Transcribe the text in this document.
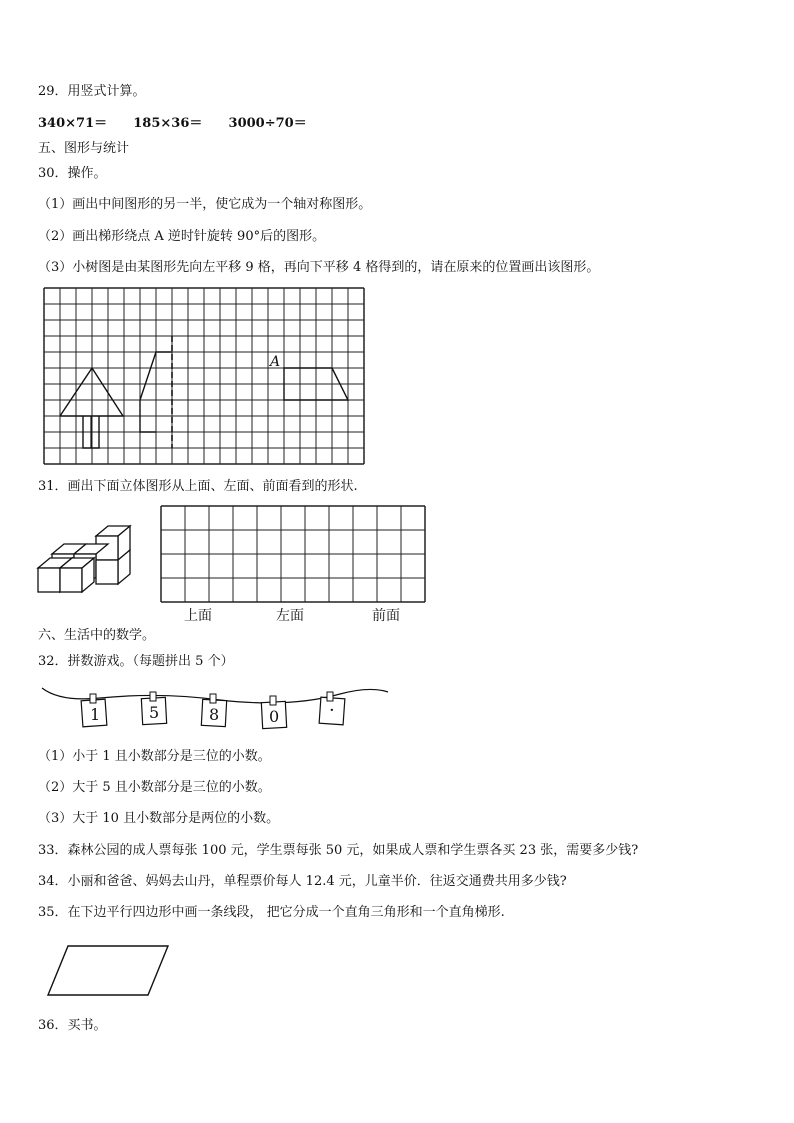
29．用竖式计算。
340×71＝ 185×36＝ 3000÷70＝
五、图形与统计
30．操作。
（1）画出中间图形的另一半，使它成为一个轴对称图形。
（2）画出梯形绕点 A 逆时针旋转 90°后的图形。
（3）小树图是由某图形先向左平移 9 格，再向下平移 4 格得到的，请在原来的位置画出该图形。
A
31．画出下面立体图形从上面、左面、前面看到的形状.
上面	左面	前面
六、生活中的数学。
32．拼数游戏。（每题拼出 5 个）
1	5	8	0	·
（1）小于 1 且小数部分是三位的小数。
（2）大于 5 且小数部分是三位的小数。
（3）大于 10 且小数部分是两位的小数。
33．森林公园的成人票每张 100 元，学生票每张 50 元，如果成人票和学生票各买 23 张，需要多少钱?
34．小丽和爸爸、妈妈去山丹，单程票价每人 12.4 元，儿童半价．往返交通费共用多少钱?
35．在下边平行四边形中画一条线段， 把它分成一个直角三角形和一个直角梯形.
36．买书。
